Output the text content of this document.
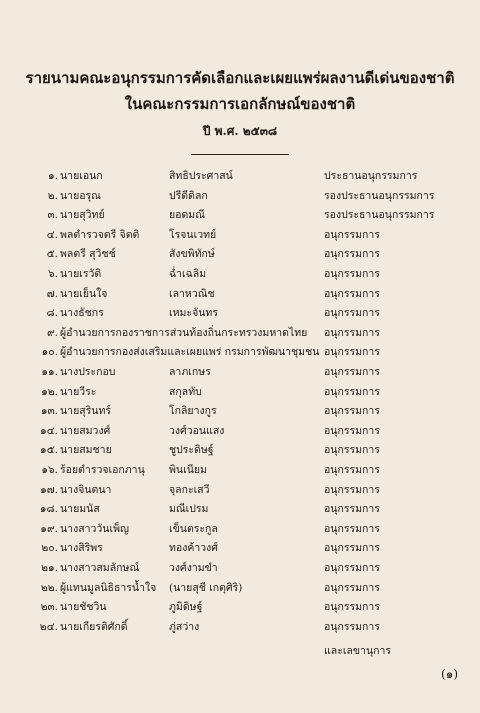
รายนามคณะอนุกรรมการคัดเลือกและเผยแพร่ผลงานดีเด่นของชาติ
ในคณะกรรมการเอกลักษณ์ของชาติ
ปี พ.ศ. ๒๕๓๘
๑. นายเอนก	สิทธิประศาสน์	ประธานอนุกรรมการ
๒. นายอรุณ	ปรีดีดิลก	รองประธานอนุกรรมการ
๓. นายสุวิทย์	ยอดมณี	รองประธานอนุกรรมการ
๔. พลตำรวจตรี จิตติ	โรจนเวทย์	อนุกรรมการ
๕. พลตรี สุวิชช์	สังขพิทักษ์	อนุกรรมการ
๖. นายเรวัติ	ฉ่ำเฉลิม	อนุกรรมการ
๗. นายเย็นใจ	เลาหวณิช	อนุกรรมการ
๘. นางธัชกร	เหมะจันทร	อนุกรรมการ
๙. ผู้อำนวยการกองราชการส่วนท้องถิ่นกระทรวงมหาดไทย	อนุกรรมการ
๑๐. ผู้อำนวยการกองส่งเสริมและเผยแพร่ กรมการพัฒนาชุมชน อนุกรรมการ
๑๑. นางประกอบ	ลาภเกษร	อนุกรรมการ
๑๒. นายวีระ	สกุลทับ	อนุกรรมการ
๑๓. นายสุรินทร์	โกลิยางกูร	อนุกรรมการ
๑๔. นายสมวงศ์	วงศ์วอนแสง	อนุกรรมการ
๑๕. นายสมชาย	ชูประดิษฐ์	อนุกรรมการ
๑๖. ร้อยตำรวจเอกภานุ	พินเนียม	อนุกรรมการ
๑๗. นางจินตนา	จุลกะเสวี	อนุกรรมการ
๑๘. นายมนัส	มณีเปรม	อนุกรรมการ
๑๙. นางสาววันเพ็ญ	เข็นตระกูล	อนุกรรมการ
๒๐. นางสิริพร	ทองค้าวงศ์	อนุกรรมการ
๒๑. นางสาวสมลักษณ์	วงศ์งามขำ	อนุกรรมการ
๒๒. ผู้แทนมูลนิธิธารน้ำใจ	(นายสุชี เกตุศิริ)	อนุกรรมการ
๒๓. นายชัชวิน	ภูมิดิษฐ์	อนุกรรมการ
๒๔. นายเกียรติศักดิ์	ภู่สว่าง	อนุกรรมการ
และเลขานุการ
(๑)
